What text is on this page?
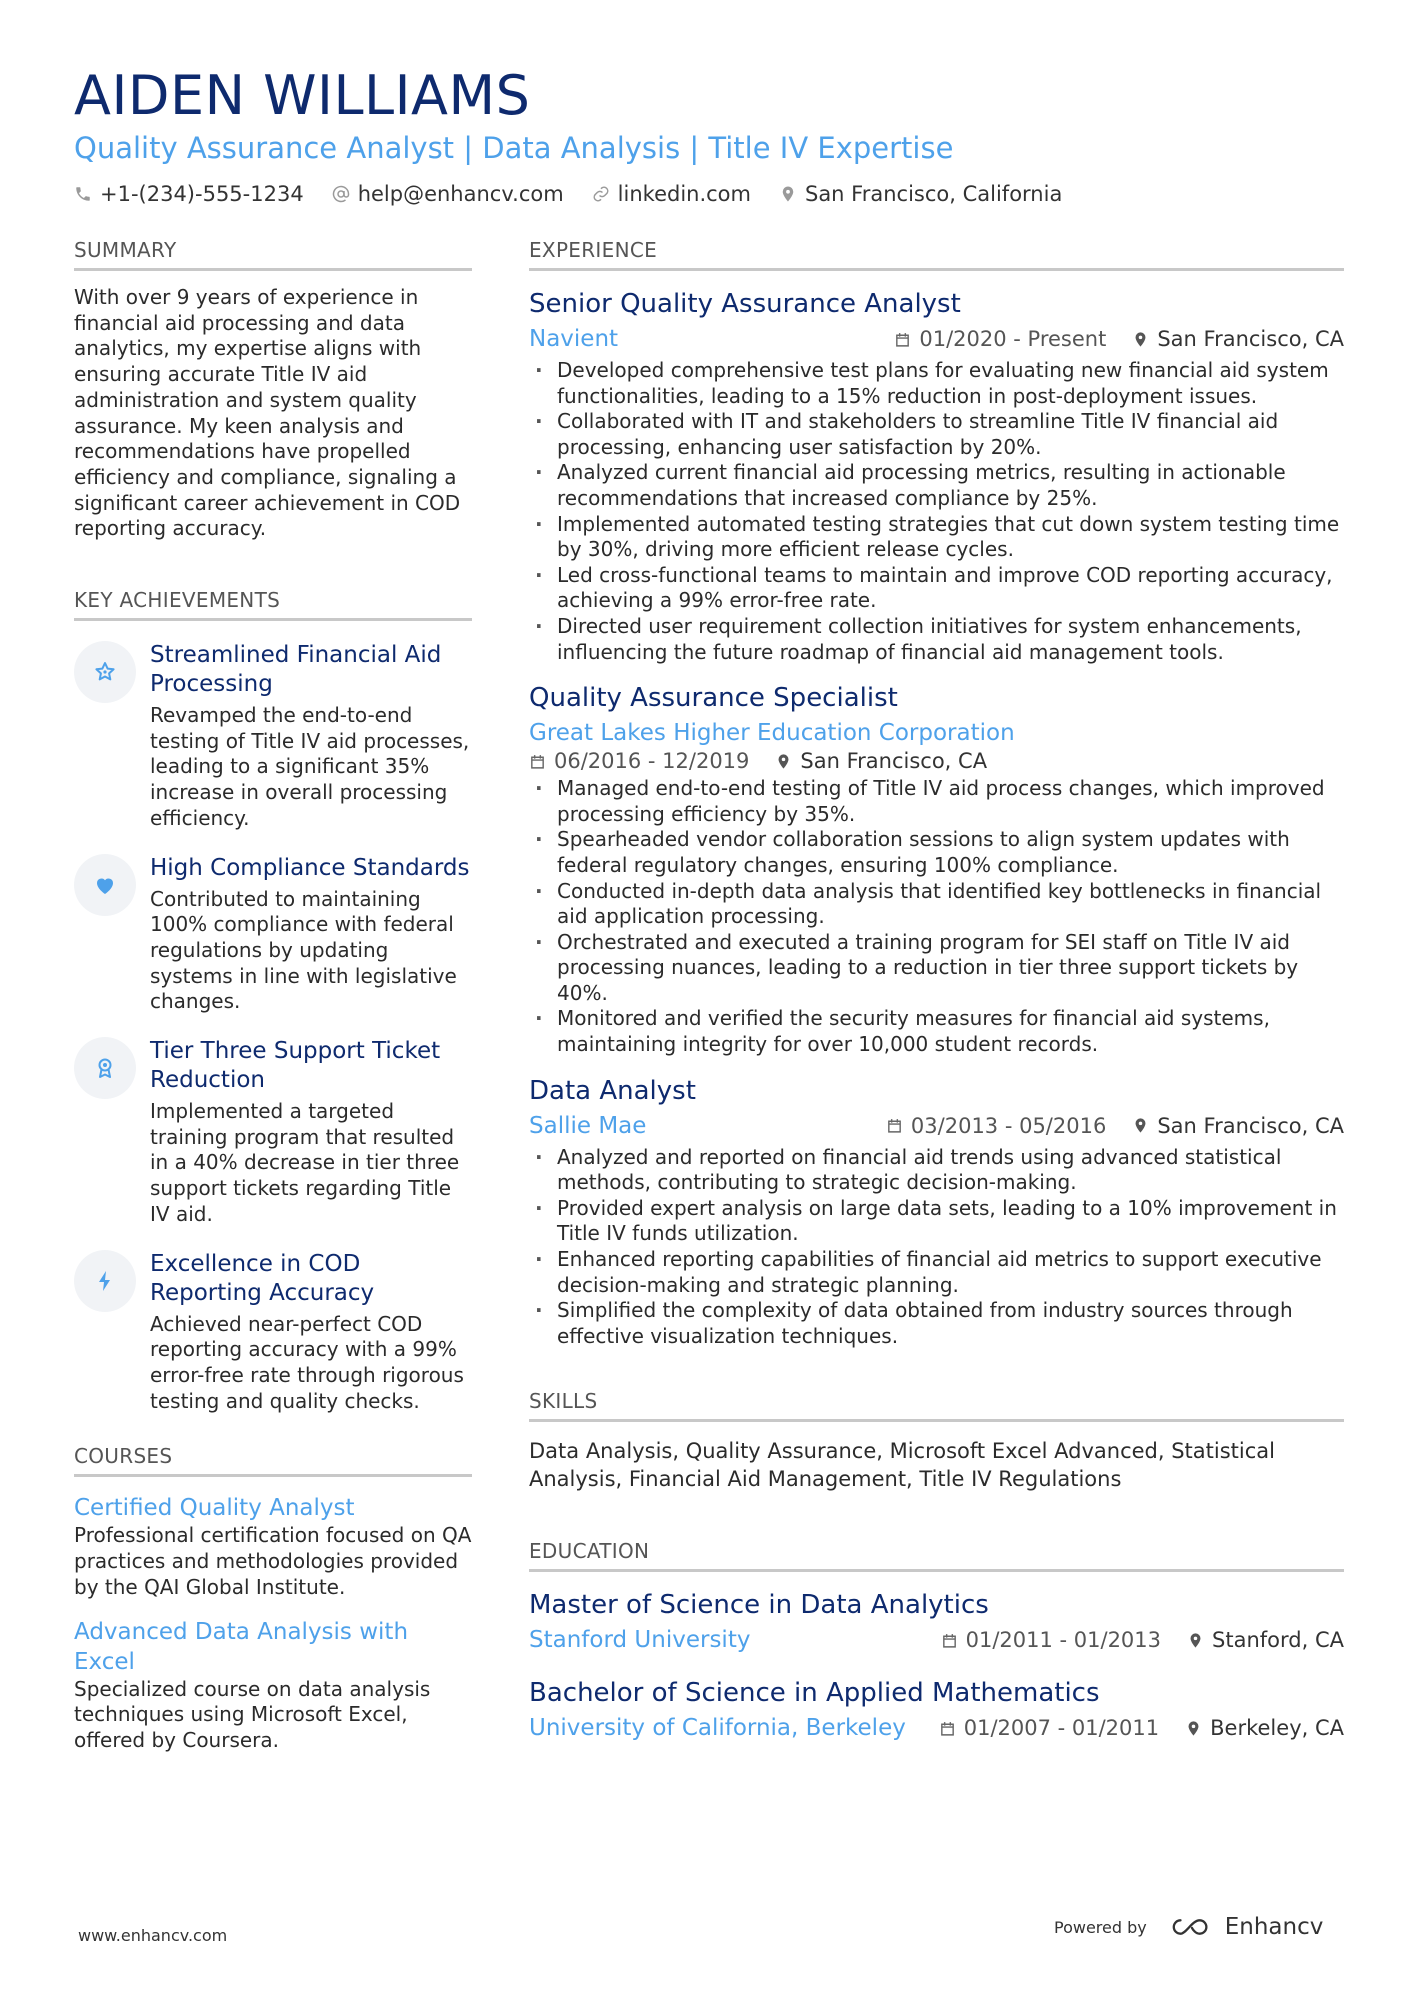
AIDEN WILLIAMS
Quality Assurance Analyst | Data Analysis | Title IV Expertise
+1-(234)-555-1234	help@enhancv.com	linkedin.com	San Francisco, California
SUMMARY
With over 9 years of experience in financial aid processing and data analytics, my expertise aligns with ensuring accurate Title IV aid administration and system quality assurance. My keen analysis and recommendations have propelled efficiency and compliance, signaling a significant career achievement in COD reporting accuracy.
KEY ACHIEVEMENTS
Streamlined Financial Aid Processing
Revamped the end-to-end testing of Title IV aid processes, leading to a significant 35% increase in overall processing efficiency.
High Compliance Standards
Contributed to maintaining 100% compliance with federal regulations by updating systems in line with legislative changes.
Tier Three Support Ticket Reduction
Implemented a targeted training program that resulted in a 40% decrease in tier three support tickets regarding Title IV aid.
Excellence in COD Reporting Accuracy
Achieved near-perfect COD reporting accuracy with a 99% error-free rate through rigorous testing and quality checks.
COURSES
Certified Quality Analyst
Professional certification focused on QA practices and methodologies provided by the QAI Global Institute.
Advanced Data Analysis with Excel
Specialized course on data analysis techniques using Microsoft Excel, offered by Coursera.
EXPERIENCE
Senior Quality Assurance Analyst
Navient	01/2020 - Present San Francisco, CA
· Developed comprehensive test plans for evaluating new financial aid system functionalities, leading to a 15% reduction in post-deployment issues.
· Collaborated with IT and stakeholders to streamline Title IV financial aid processing, enhancing user satisfaction by 20%.
· Analyzed current financial aid processing metrics, resulting in actionable recommendations that increased compliance by 25%.
· Implemented automated testing strategies that cut down system testing time by 30%, driving more efficient release cycles.
· Led cross-functional teams to maintain and improve COD reporting accuracy, achieving a 99% error-free rate.
· Directed user requirement collection initiatives for system enhancements, influencing the future roadmap of financial aid management tools.
Quality Assurance Specialist
Great Lakes Higher Education Corporation
06/2016 - 12/2019 San Francisco, CA
· Managed end-to-end testing of Title IV aid process changes, which improved processing efficiency by 35%.
· Spearheaded vendor collaboration sessions to align system updates with federal regulatory changes, ensuring 100% compliance.
· Conducted in-depth data analysis that identified key bottlenecks in financial aid application processing.
· Orchestrated and executed a training program for SEI staff on Title IV aid processing nuances, leading to a reduction in tier three support tickets by 40%.
· Monitored and verified the security measures for financial aid systems, maintaining integrity for over 10,000 student records.
Data Analyst
Sallie Mae	03/2013 - 05/2016 San Francisco, CA
· Analyzed and reported on financial aid trends using advanced statistical methods, contributing to strategic decision-making.
· Provided expert analysis on large data sets, leading to a 10% improvement in Title IV funds utilization.
· Enhanced reporting capabilities of financial aid metrics to support executive decision-making and strategic planning.
· Simplified the complexity of data obtained from industry sources through effective visualization techniques.
SKILLS
Data Analysis, Quality Assurance, Microsoft Excel Advanced, Statistical Analysis, Financial Aid Management, Title IV Regulations
EDUCATION
Master of Science in Data Analytics
Stanford University	01/2011 - 01/2013 Stanford, CA
Bachelor of Science in Applied Mathematics
University of California, Berkeley	01/2007 - 01/2011 Berkeley, CA
www.enhancv.com	Powered by	Enhancv
